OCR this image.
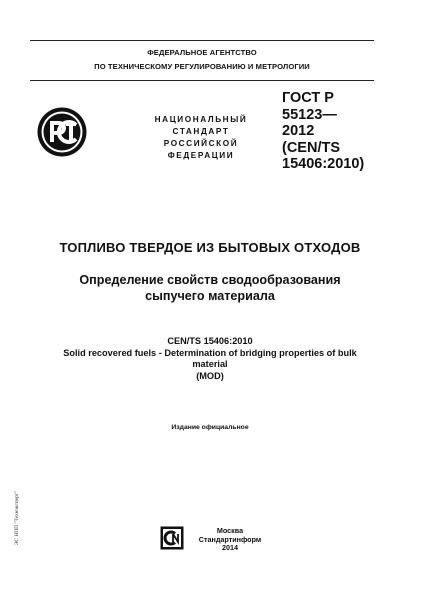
ФЕДЕРАЛЬНОЕ АГЕНТСТВО
ПО ТЕХНИЧЕСКОМУ РЕГУЛИРОВАНИЮ И МЕТРОЛОГИИ
НАЦИОНАЛЬНЫЙ
СТАНДАРТ
РОССИЙСКОЙ
ФЕДЕРАЦИИ
ГОСТ Р
55123—
2012
(CEN/TS
15406:2010)
ТОПЛИВО ТВЕРДОЕ ИЗ БЫТОВЫХ ОТХОДОВ
Определение свойств сводообразования
сыпучего материала
CEN/TS 15406:2010
Solid recovered fuels - Determination of bridging properties of bulk
material
(MOD)
Издание официальное
Москва
Стандартинформ
2014
ЭС НПП "Технэксперт"
